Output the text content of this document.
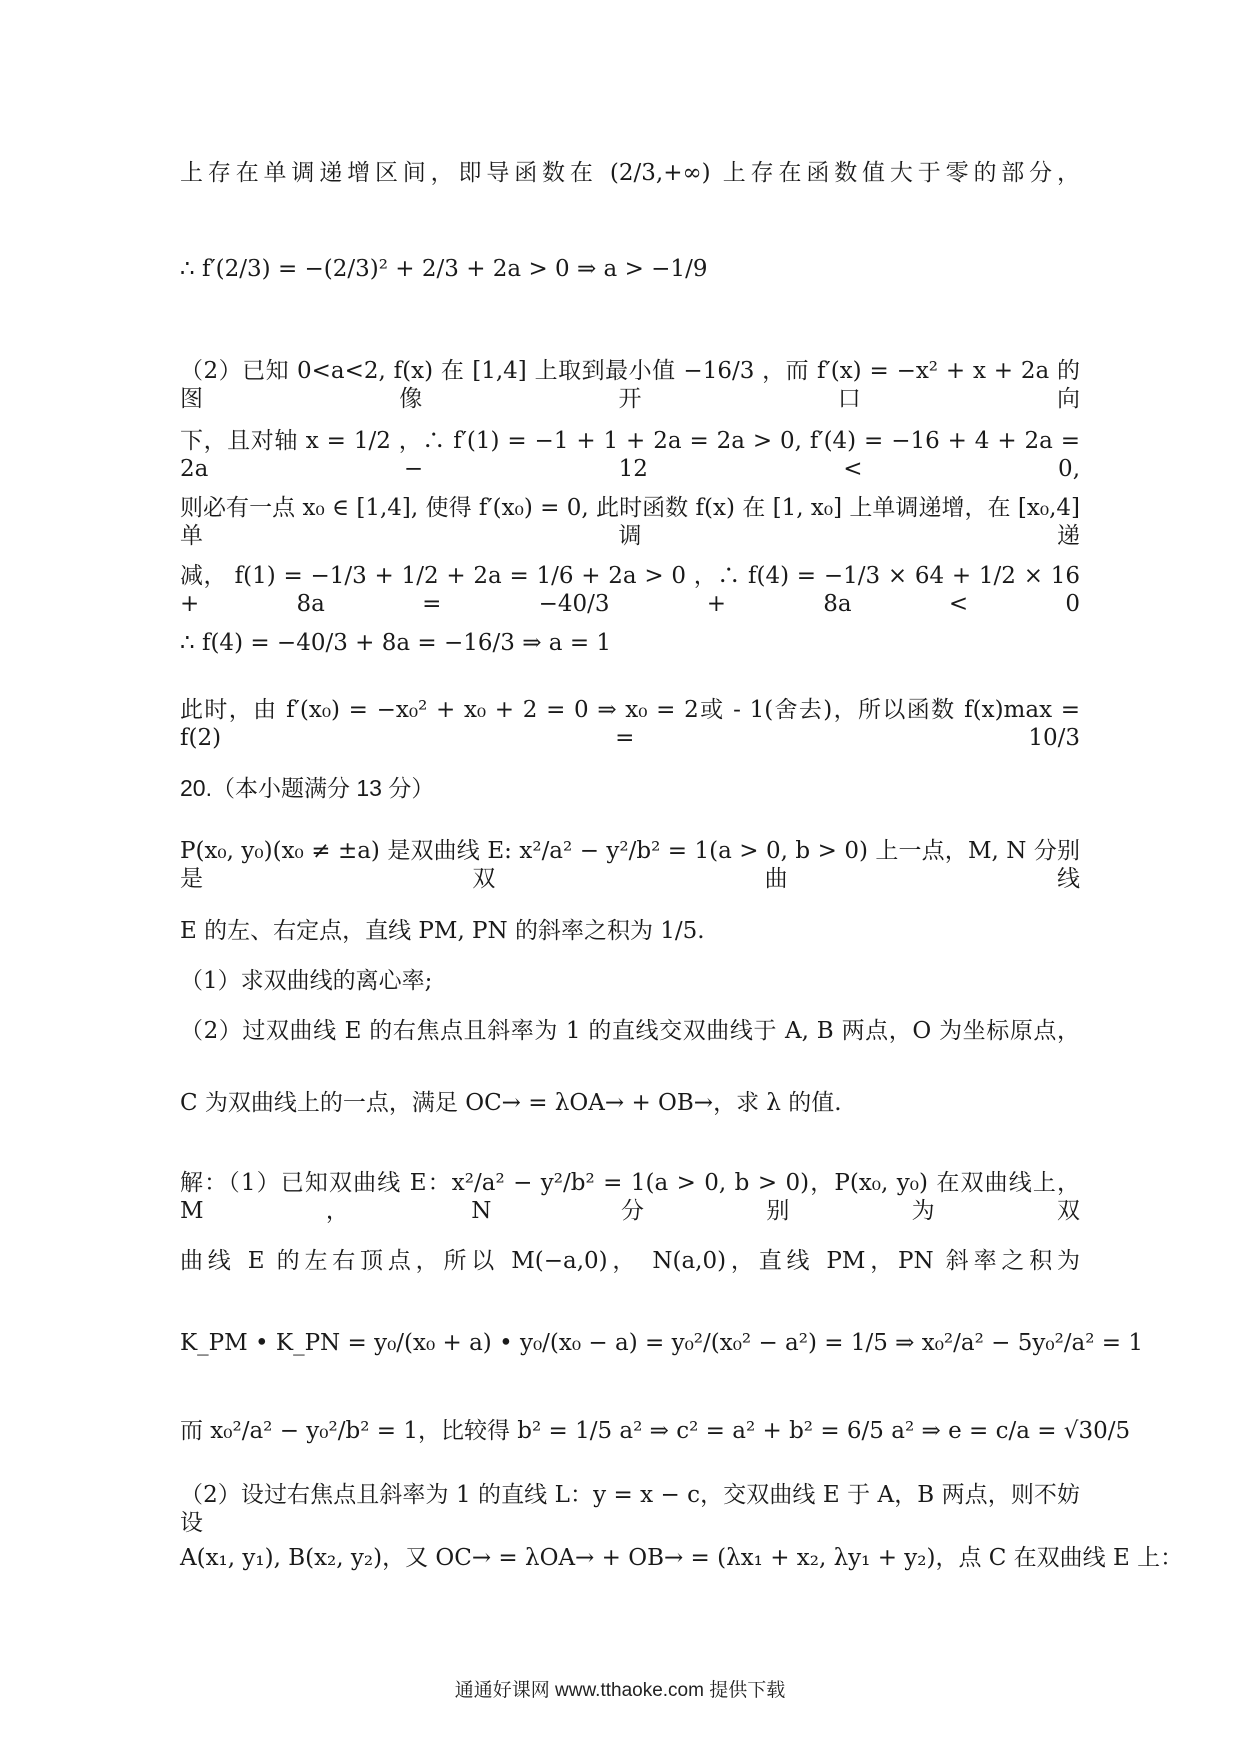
上存在单调递增区间，即导函数在 (2/3,+∞) 上存在函数值大于零的部分，
∴ f′(2/3) = −(2/3)² + 2/3 + 2a > 0 ⇒ a > −1/9
（2）已知 0<a<2, f(x) 在 [1,4] 上取到最小值 −16/3 ，而 f′(x) = −x² + x + 2a 的图像开口向
下，且对轴 x = 1/2 ，∴ f′(1) = −1 + 1 + 2a = 2a > 0, f′(4) = −16 + 4 + 2a = 2a − 12 < 0,
则必有一点 x₀ ∈ [1,4], 使得 f′(x₀) = 0, 此时函数 f(x) 在 [1, x₀] 上单调递增，在 [x₀,4] 单调递
减， f(1) = −1/3 + 1/2 + 2a = 1/6 + 2a > 0 ，∴ f(4) = −1/3 × 64 + 1/2 × 16 + 8a = −40/3 + 8a < 0
∴ f(4) = −40/3 + 8a = −16/3 ⇒ a = 1
此时，由 f′(x₀) = −x₀² + x₀ + 2 = 0 ⇒ x₀ = 2或 - 1(舍去)，所以函数 f(x)max = f(2) = 10/3
20.（本小题满分 13 分）
P(x₀, y₀)(x₀ ≠ ±a) 是双曲线 E: x²/a² − y²/b² = 1(a > 0, b > 0) 上一点，M, N 分别是双曲线
E 的左、右定点，直线 PM, PN 的斜率之积为 1/5.
（1）求双曲线的离心率;
（2）过双曲线 E 的右焦点且斜率为 1 的直线交双曲线于 A, B 两点，O 为坐标原点，
C 为双曲线上的一点，满足 OC→ = λOA→ + OB→，求 λ 的值.
解：（1）已知双曲线 E：x²/a² − y²/b² = 1(a > 0, b > 0)，P(x₀, y₀) 在双曲线上，M，N 分别为双
曲线 E 的左右顶点，所以 M(−a,0)， N(a,0)，直线 PM，PN 斜率之积为
K_PM • K_PN = y₀/(x₀ + a) • y₀/(x₀ − a) = y₀²/(x₀² − a²) = 1/5 ⇒ x₀²/a² − 5y₀²/a² = 1
而 x₀²/a² − y₀²/b² = 1，比较得 b² = 1/5 a² ⇒ c² = a² + b² = 6/5 a² ⇒ e = c/a = √30/5
（2）设过右焦点且斜率为 1 的直线 L：y = x − c，交双曲线 E 于 A，B 两点，则不妨设
A(x₁, y₁), B(x₂, y₂)，又 OC→ = λOA→ + OB→ = (λx₁ + x₂, λy₁ + y₂)，点 C 在双曲线 E 上：
通通好课网 www.tthaoke.com 提供下载
